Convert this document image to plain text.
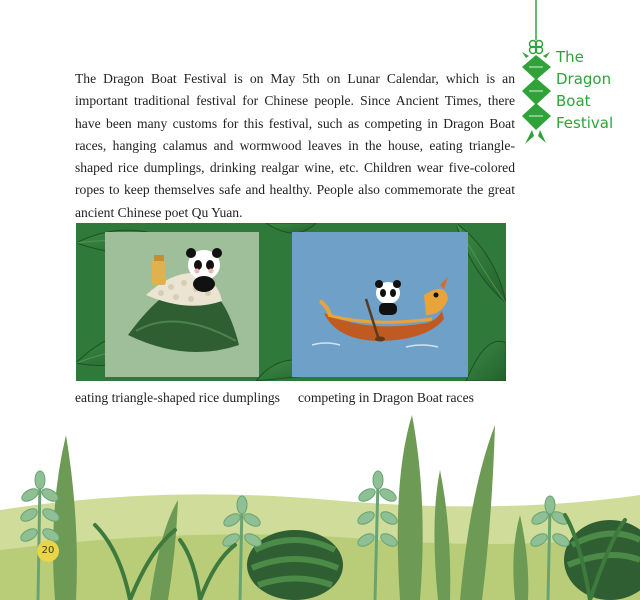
The
Dragon
Boat
Festival

The Dragon Boat Festival is on May 5th on Lunar Calendar, which is an important traditional festival for Chinese people. Since Ancient Times, there have been many customs for this festival, such as competing in Dragon Boat races, hanging calamus and wormwood leaves in the house, eating triangle-shaped rice dumplings, drinking realgar wine, etc. Children wear five-colored ropes to keep themselves safe and healthy. People also commemorate the great ancient Chinese poet Qu Yuan.

eating triangle-shaped rice dumplings competing in Dragon Boat races
20
